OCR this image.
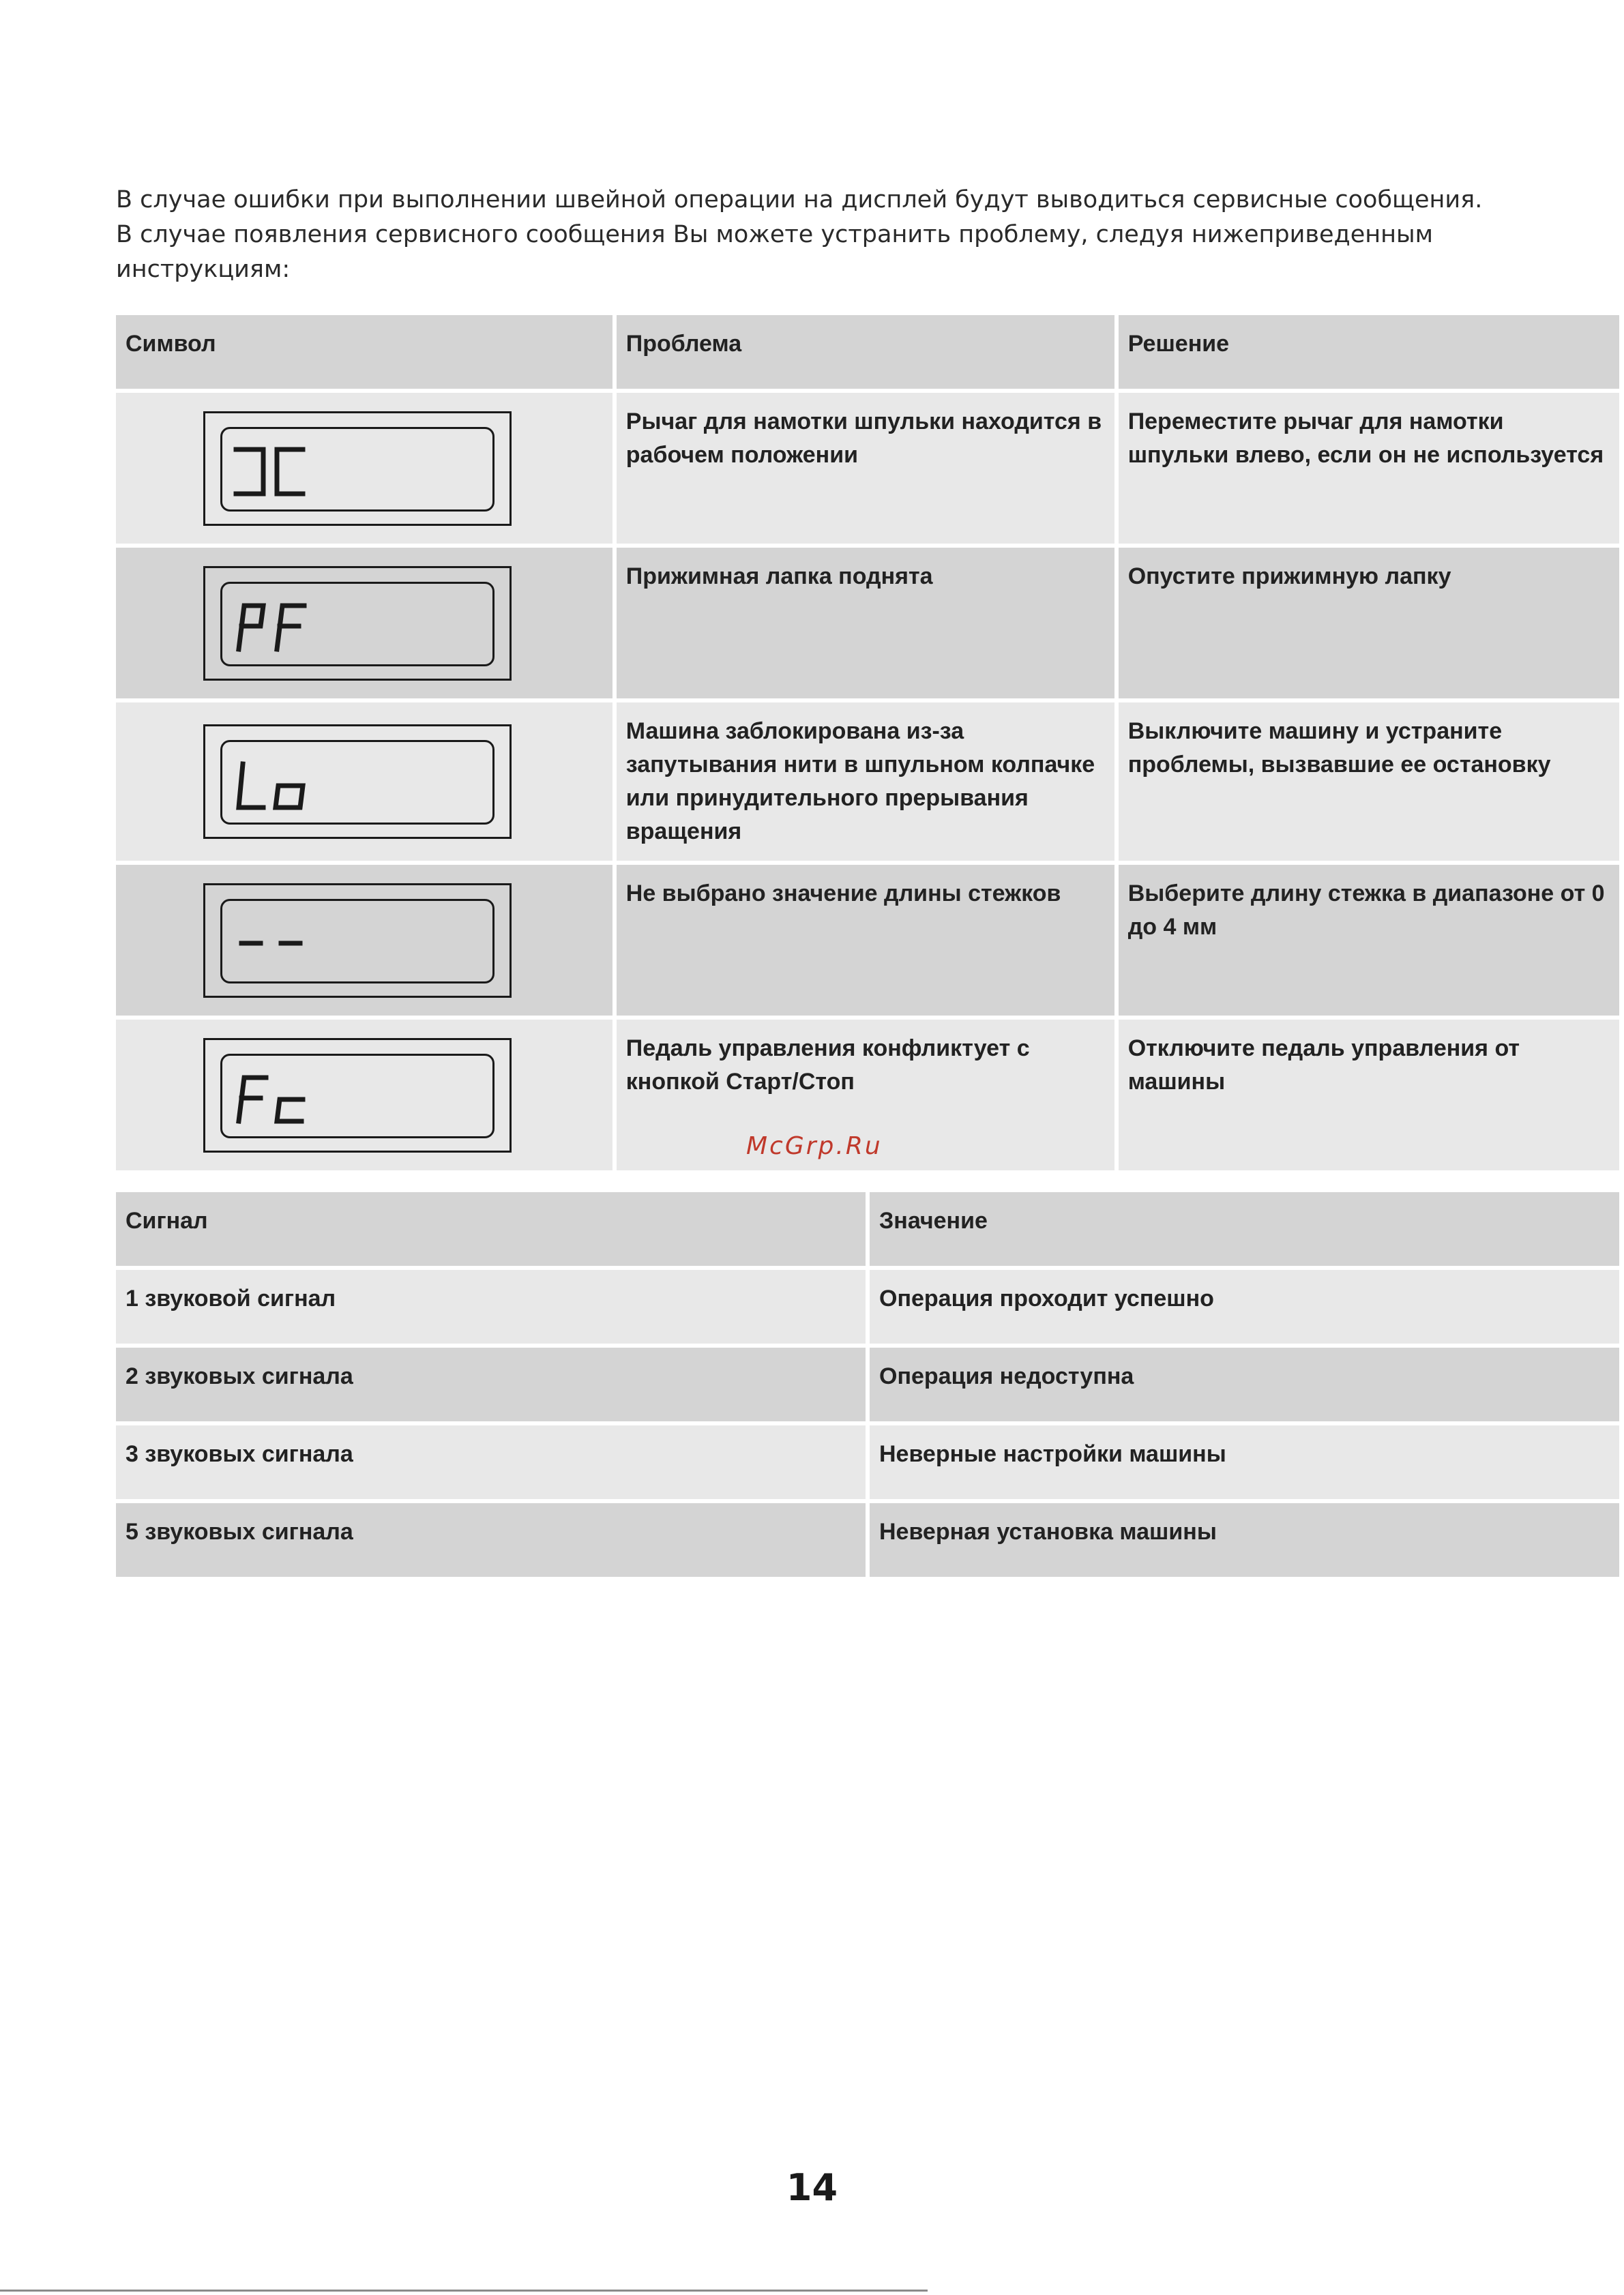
В случае ошибки при выполнении швейной операции на дисплей будут выводиться сервисные сообщения.

В случае появления сервисного сообщения Вы можете устранить проблему, следуя нижеприведенным

инструкциям:

Символ	Проблема	Решение

	Рычаг для намотки шпульки находится в рабочем положении	Переместите рычаг для намотки шпульки влево, если он не используется

	Прижимная лапка поднята	Опустите прижимную лапку

	Машина заблокирована из-за запутывания нити в шпульном колпачке или принудительного прерывания вращения	Выключите машину и устраните проблемы, вызвавшие ее остановку

	Не выбрано значение длины стежков	Выберите длину стежка в диапазоне от 0 до 4 мм

	Педаль управления конфликтует с кнопкой Старт/Стоп	Отключите педаль управления от машины
McGrp.Ru
Сигнал	Значение
1 звуковой сигнал	Операция проходит успешно
2 звуковых сигнала	Операция недоступна
3 звуковых сигнала	Неверные настройки машины
5 звуковых сигнала	Неверная установка машины
14
